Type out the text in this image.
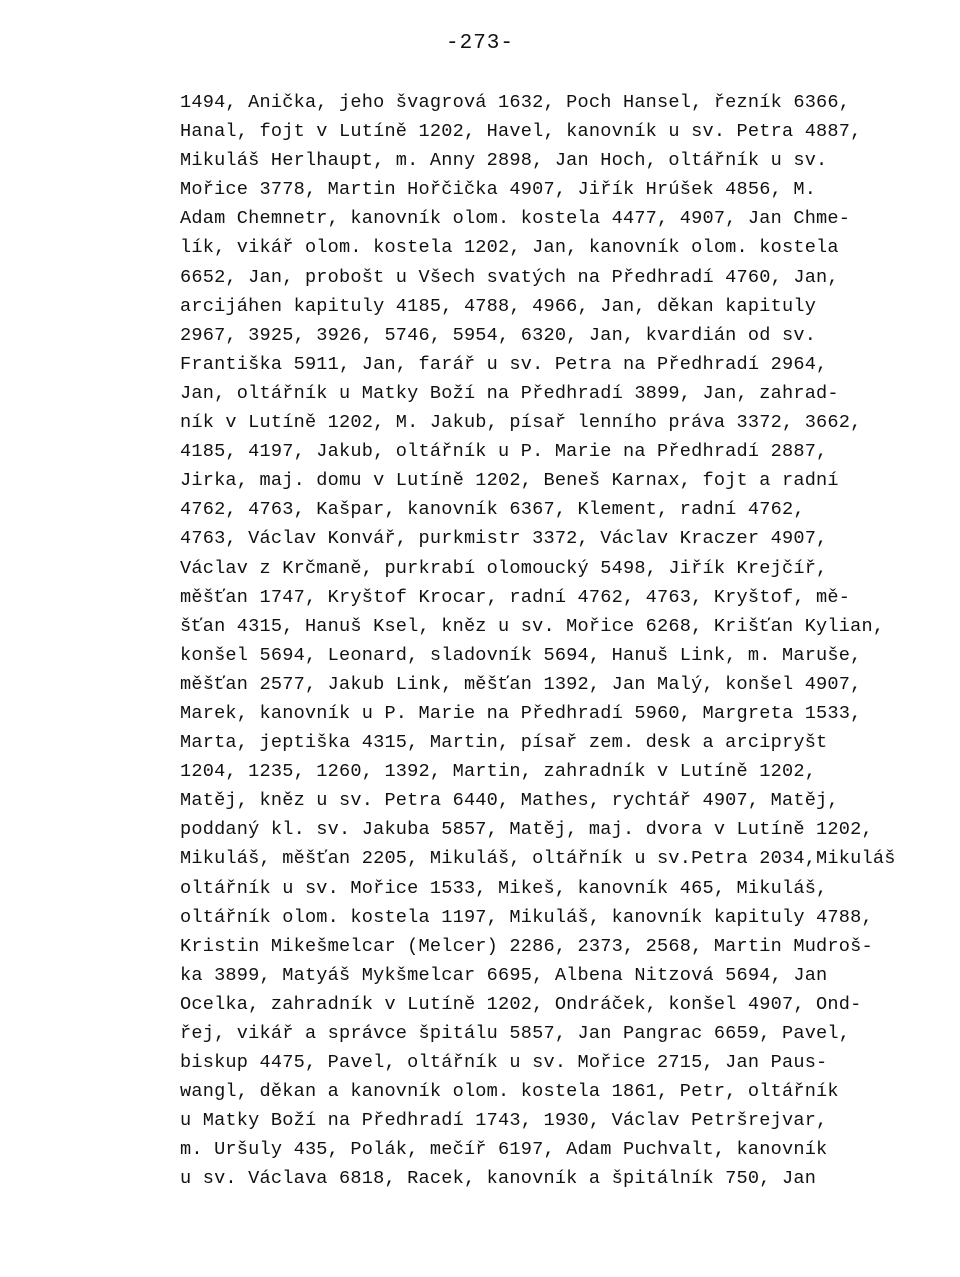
-273-
1494, Anička, jeho švagrová 1632, Poch Hansel, řezník 6366,
Hanal, fojt v Lutíně 1202, Havel, kanovník u sv. Petra 4887,
Mikuláš Herlhaupt, m. Anny 2898, Jan Hoch, oltářník u sv.
Mořice 3778, Martin Hořčička 4907, Jiřík Hrúšek 4856, M.
Adam Chemnetr, kanovník olom. kostela 4477, 4907, Jan Chme-
lík, vikář olom. kostela 1202, Jan, kanovník olom. kostela
6652, Jan, probošt u Všech svatých na Předhradí 4760, Jan,
arcijáhen kapituly 4185, 4788, 4966, Jan, děkan kapituly
2967, 3925, 3926, 5746, 5954, 6320, Jan, kvardián od sv.
Františka 5911, Jan, farář u sv. Petra na Předhradí 2964,
Jan, oltářník u Matky Boží na Předhradí 3899, Jan, zahrad-
ník v Lutíně 1202, M. Jakub, písař lenního práva 3372, 3662,
4185, 4197, Jakub, oltářník u P. Marie na Předhradí 2887,
Jirka, maj. domu v Lutíně 1202, Beneš Karnax, fojt a radní
4762, 4763, Kašpar, kanovník 6367, Klement, radní 4762,
4763, Václav Konvář, purkmistr 3372, Václav Kraczer 4907,
Václav z Krčmaně, purkrabí olomoucký 5498, Jiřík Krejčíř,
měšťan 1747, Kryštof Krocar, radní 4762, 4763, Kryštof, mě-
šťan 4315, Hanuš Ksel, kněz u sv. Mořice 6268, Krišťan Kylian,
konšel 5694, Leonard, sladovník 5694, Hanuš Link, m. Maruše,
měšťan 2577, Jakub Link, měšťan 1392, Jan Malý, konšel 4907,
Marek, kanovník u P. Marie na Předhradí 5960, Margreta 1533,
Marta, jeptiška 4315, Martin, písař zem. desk a arcipryšt
1204, 1235, 1260, 1392, Martin, zahradník v Lutíně 1202,
Matěj, kněz u sv. Petra 6440, Mathes, rychtář 4907, Matěj,
poddaný kl. sv. Jakuba 5857, Matěj, maj. dvora v Lutíně 1202,
Mikuláš, měšťan 2205, Mikuláš, oltářník u sv.Petra 2034,Mikuláš
oltářník u sv. Mořice 1533, Mikeš, kanovník 465, Mikuláš,
oltářník olom. kostela 1197, Mikuláš, kanovník kapituly 4788,
Kristin Mikešmelcar (Melcer) 2286, 2373, 2568, Martin Mudroš-
ka 3899, Matyáš Mykšmelcar 6695, Albena Nitzová 5694, Jan
Ocelka, zahradník v Lutíně 1202, Ondráček, konšel 4907, Ond-
řej, vikář a správce špitálu 5857, Jan Pangrac 6659, Pavel,
biskup 4475, Pavel, oltářník u sv. Mořice 2715, Jan Paus-
wangl, děkan a kanovník olom. kostela 1861, Petr, oltářník
u Matky Boží na Předhradí 1743, 1930, Václav Petršrejvar,
m. Uršuly 435, Polák, mečíř 6197, Adam Puchvalt, kanovník
u sv. Václava 6818, Racek, kanovník a špitálník 750, Jan
